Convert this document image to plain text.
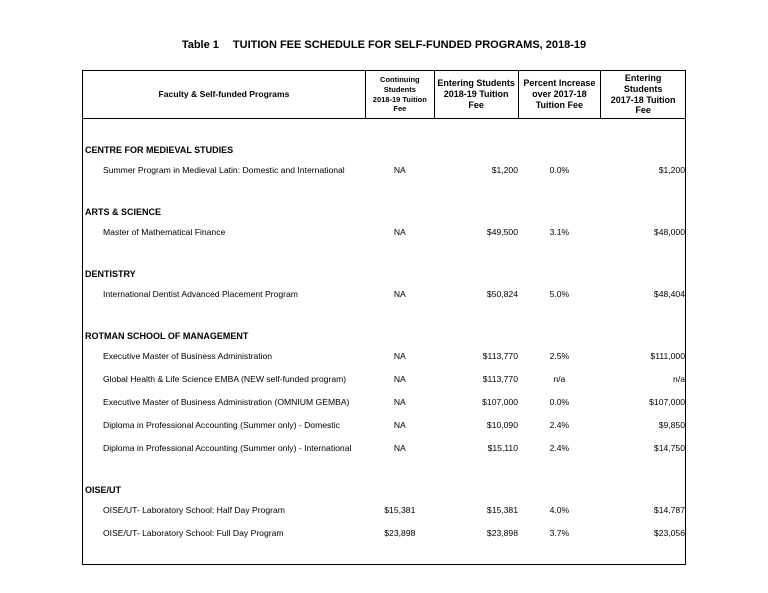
Table 1 TUITION FEE SCHEDULE FOR SELF-FUNDED PROGRAMS, 2018-19
Faculty & Self-funded Programs	Continuing
Students
2018-19 Tuition
Fee	Entering Students
2018-19 Tuition
Fee	Percent Increase
over 2017-18
Tuition Fee	Entering
Students
2017-18 Tuition
Fee

CENTRE FOR MEDIEVAL STUDIES				
Summer Program in Medieval Latin: Domestic and International	NA	$1,200	0.0%	$1,200

ARTS & SCIENCE				
Master of Mathematical Finance	NA	$49,500	3.1%	$48,000

DENTISTRY				
International Dentist Advanced Placement Program	NA	$50,824	5.0%	$48,404

ROTMAN SCHOOL OF MANAGEMENT				
Executive Master of Business Administration	NA	$113,770	2.5%	$111,000
Global Health & Life Science EMBA (NEW self-funded program)	NA	$113,770	n/a	n/a
Executive Master of Business Administration (OMNIUM GEMBA)	NA	$107,000	0.0%	$107,000
Diploma in Professional Accounting (Summer only) - Domestic	NA	$10,090	2.4%	$9,850
Diploma in Professional Accounting (Summer only) - International	NA	$15,110	2.4%	$14,750

OISE/UT				
OISE/UT- Laboratory School: Half Day Program	$15,381	$15,381	4.0%	$14,787
OISE/UT- Laboratory School: Full Day Program	$23,898	$23,898	3.7%	$23,056
